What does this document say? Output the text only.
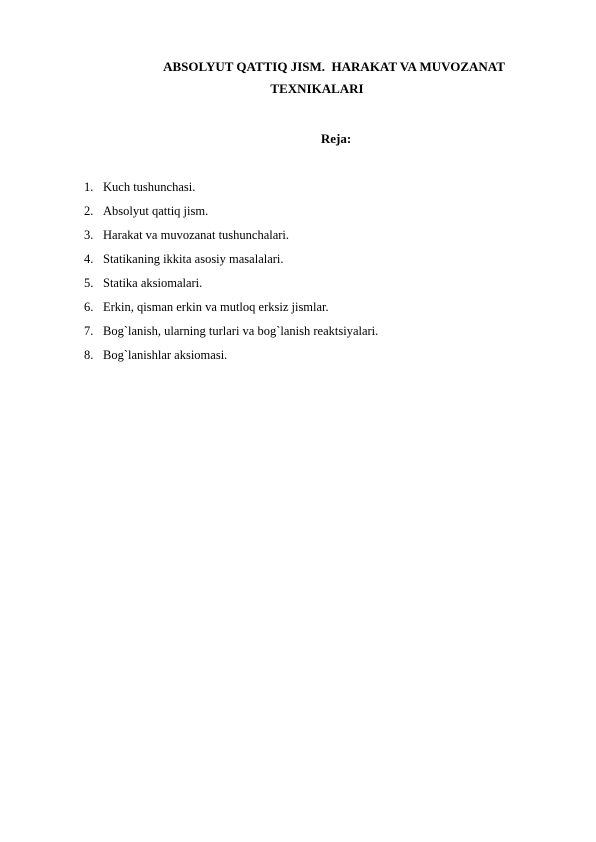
ABSOLYUT QATTIQ JISM.  HARAKAT VA MUVOZANAT
TEXNIKALARI
Reja:
1. Kuch tushunchasi.
2. Absolyut qattiq jism.
3. Harakat va muvozanat tushunchalari.
4. Statikaning ikkita asosiy masalalari.
5. Statika aksiomalari.
6. Erkin, qisman erkin va mutloq erksiz jismlar.
7. Bog`lanish, ularning turlari va bog`lanish reaktsiyalari.
8. Bog`lanishlar aksiomasi.
